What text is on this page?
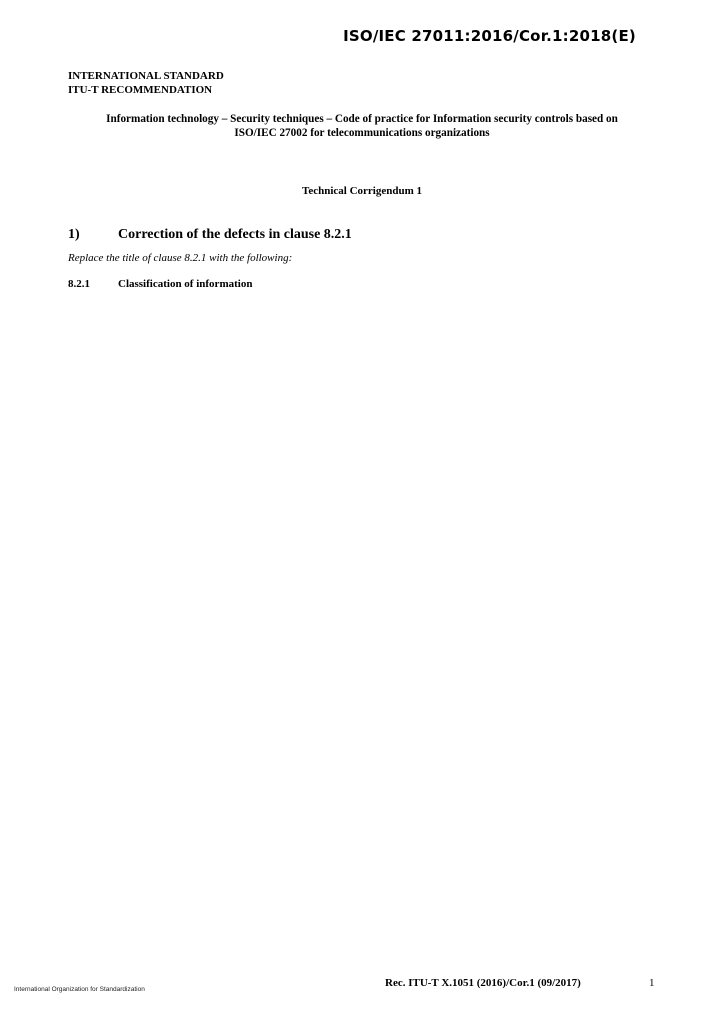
ISO/IEC 27011:2016/Cor.1:2018(E)
INTERNATIONAL STANDARD
ITU-T RECOMMENDATION
Information technology – Security techniques – Code of practice for Information security controls based on
ISO/IEC 27002 for telecommunications organizations
Technical Corrigendum 1
1)	Correction of the defects in clause 8.2.1
Replace the title of clause 8.2.1 with the following:
8.2.1	Classification of information
International Organization for Standardization
Rec. ITU-T X.1051 (2016)/Cor.1 (09/2017)	1
